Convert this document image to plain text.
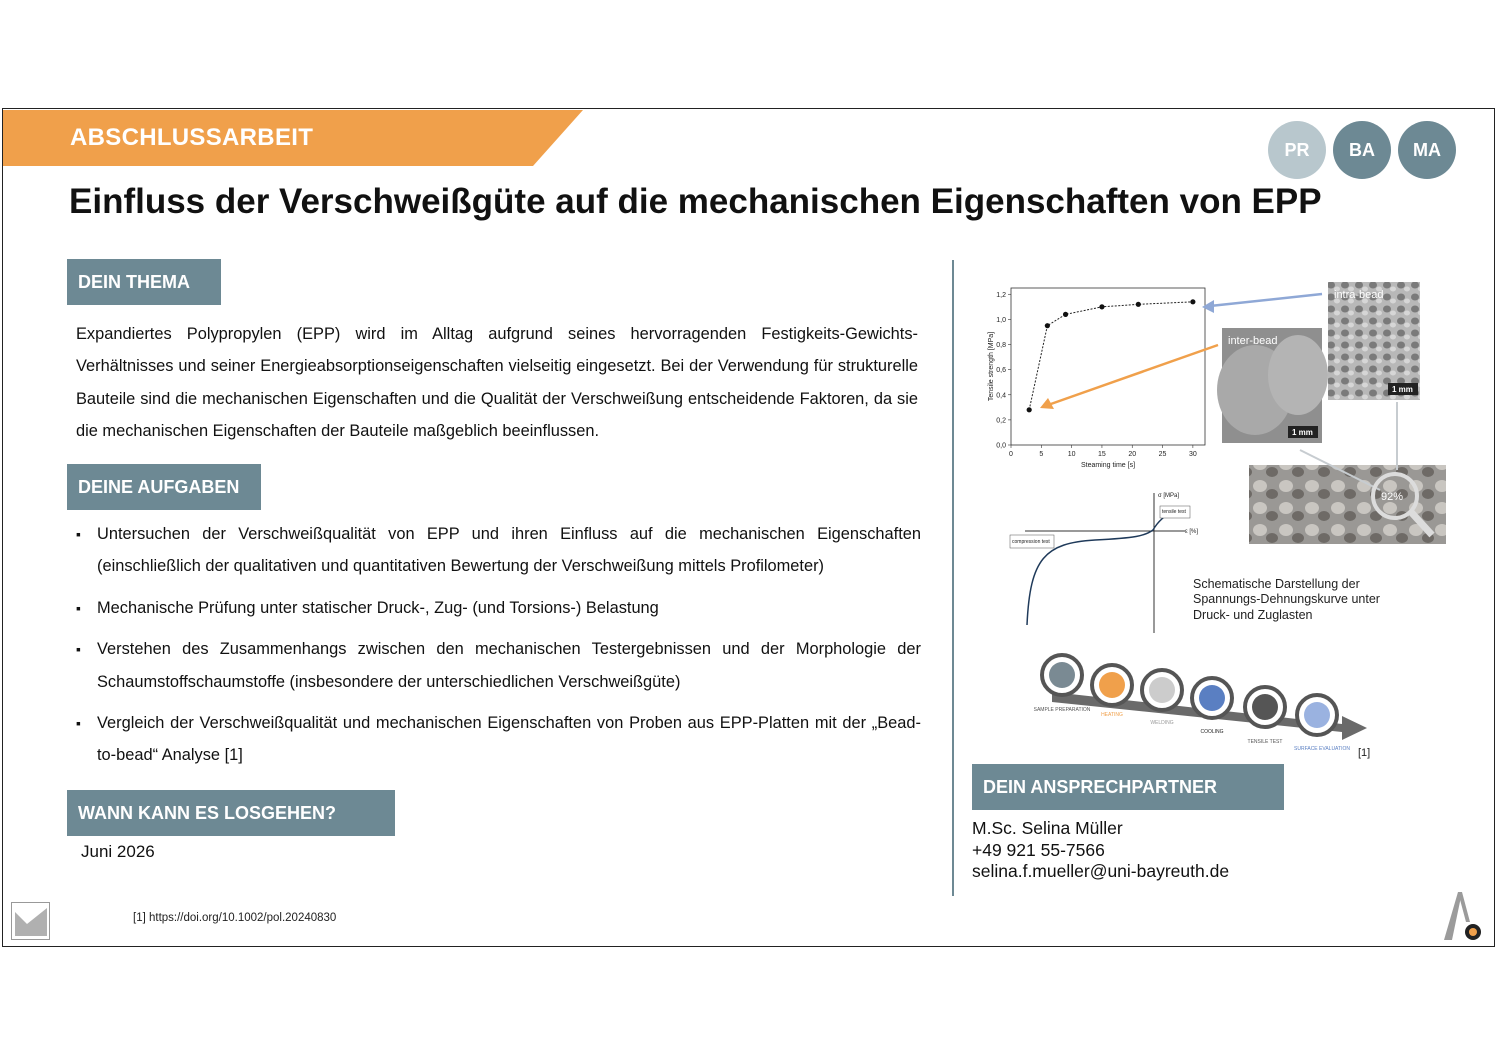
ABSCHLUSSARBEIT	PR	BA	MA
Einfluss der Verschweißgüte auf die mechanischen Eigenschaften von EPP
DEIN THEMA

Expandiertes Polypropylen (EPP) wird im Alltag aufgrund seines hervorragenden Festigkeits-Gewichts-Verhältnisses und seiner Energieabsorptionseigenschaften vielseitig eingesetzt. Bei der Verwendung für strukturelle Bauteile sind die mechanischen Eigenschaften und die Qualität der Verschweißung entscheidende Faktoren, da sie die mechanischen Eigenschaften der Bauteile maßgeblich beeinflussen.

DEINE AUFGABEN
▪ Untersuchen der Verschweißqualität von EPP und ihren Einfluss auf die mechanischen Eigenschaften (einschließlich der qualitativen und quantitativen Bewertung der Verschweißung mittels Profilometer)
▪ Mechanische Prüfung unter statischer Druck-, Zug- (und Torsions-) Belastung
▪ Verstehen des Zusammenhangs zwischen den mechanischen Testergebnissen und der Morphologie der Schaumstoffschaumstoffe (insbesondere der unterschiedlichen Verschweißgüte)
▪ Vergleich der Verschweißqualität und mechanischen Eigenschaften von Proben aus EPP-Platten mit der „Bead-to-bead“ Analyse [1]
WANN KANN ES LOSGEHEN?
Juni 2026
0	5	10	15	20	25	30
0,0
0,2
0,4
0,6
0,8
1,0
1,2
Steaming time [s]
Tensile strength [MPa]
intra-bead
1 mm
inter-bead
1 mm
92%
σ [MPa]
ε [%]
tensile test
compression test
Schematische Darstellung der Spannungs-Dehnungskurve unter Druck- und Zuglasten
SAMPLE PREPARATION
HEATING
WELDING
COOLING
TENSILE TEST
SURFACE EVALUATION [1]
DEIN ANSPRECHPARTNER
M.Sc. Selina Müller
+49 921 55-7566
selina.f.mueller@uni-bayreuth.de
[1] https://doi.org/10.1002/pol.20240830
